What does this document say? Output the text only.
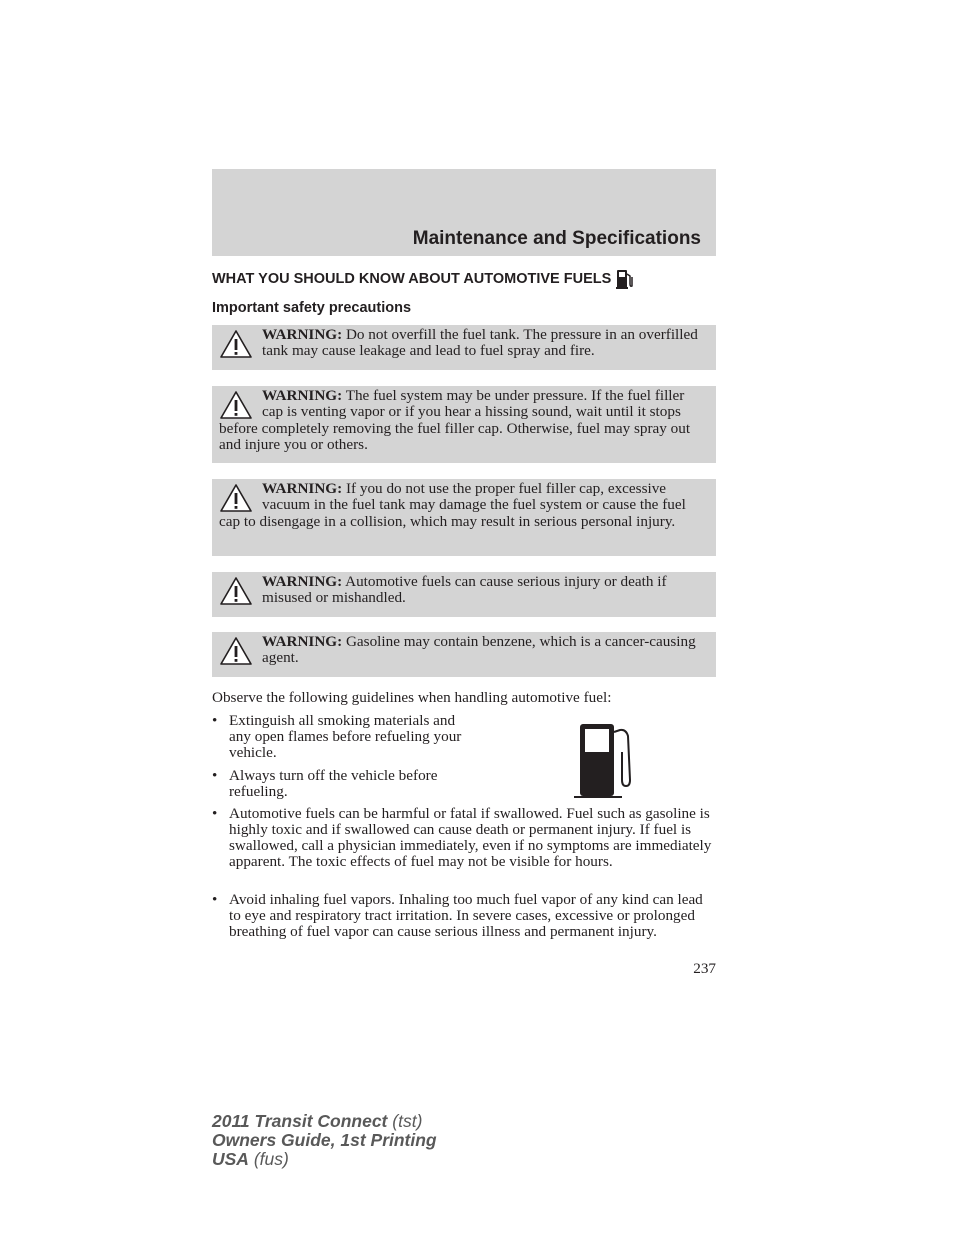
Maintenance and Specifications
WHAT YOU SHOULD KNOW ABOUT AUTOMOTIVE FUELS
Important safety precautions
WARNING: Do not overfill the fuel tank. The pressure in an overfilled tank may cause leakage and lead to fuel spray and fire.
WARNING: The fuel system may be under pressure. If the fuel filler cap is venting vapor or if you hear a hissing sound, wait until it stops before completely removing the fuel filler cap. Otherwise, fuel may spray out and injure you or others.
WARNING: If you do not use the proper fuel filler cap, excessive vacuum in the fuel tank may damage the fuel system or cause the fuel cap to disengage in a collision, which may result in serious personal injury.
WARNING: Automotive fuels can cause serious injury or death if misused or mishandled.
WARNING: Gasoline may contain benzene, which is a cancer-causing agent.
Observe the following guidelines when handling automotive fuel:
• Extinguish all smoking materials and any open flames before refueling your vehicle.
• Always turn off the vehicle before refueling.
• Automotive fuels can be harmful or fatal if swallowed. Fuel such as gasoline is highly toxic and if swallowed can cause death or permanent injury. If fuel is swallowed, call a physician immediately, even if no symptoms are immediately apparent. The toxic effects of fuel may not be visible for hours.
• Avoid inhaling fuel vapors. Inhaling too much fuel vapor of any kind can lead to eye and respiratory tract irritation. In severe cases, excessive or prolonged breathing of fuel vapor can cause serious illness and permanent injury.
237
2011 Transit Connect (tst)
Owners Guide, 1st Printing
USA (fus)
